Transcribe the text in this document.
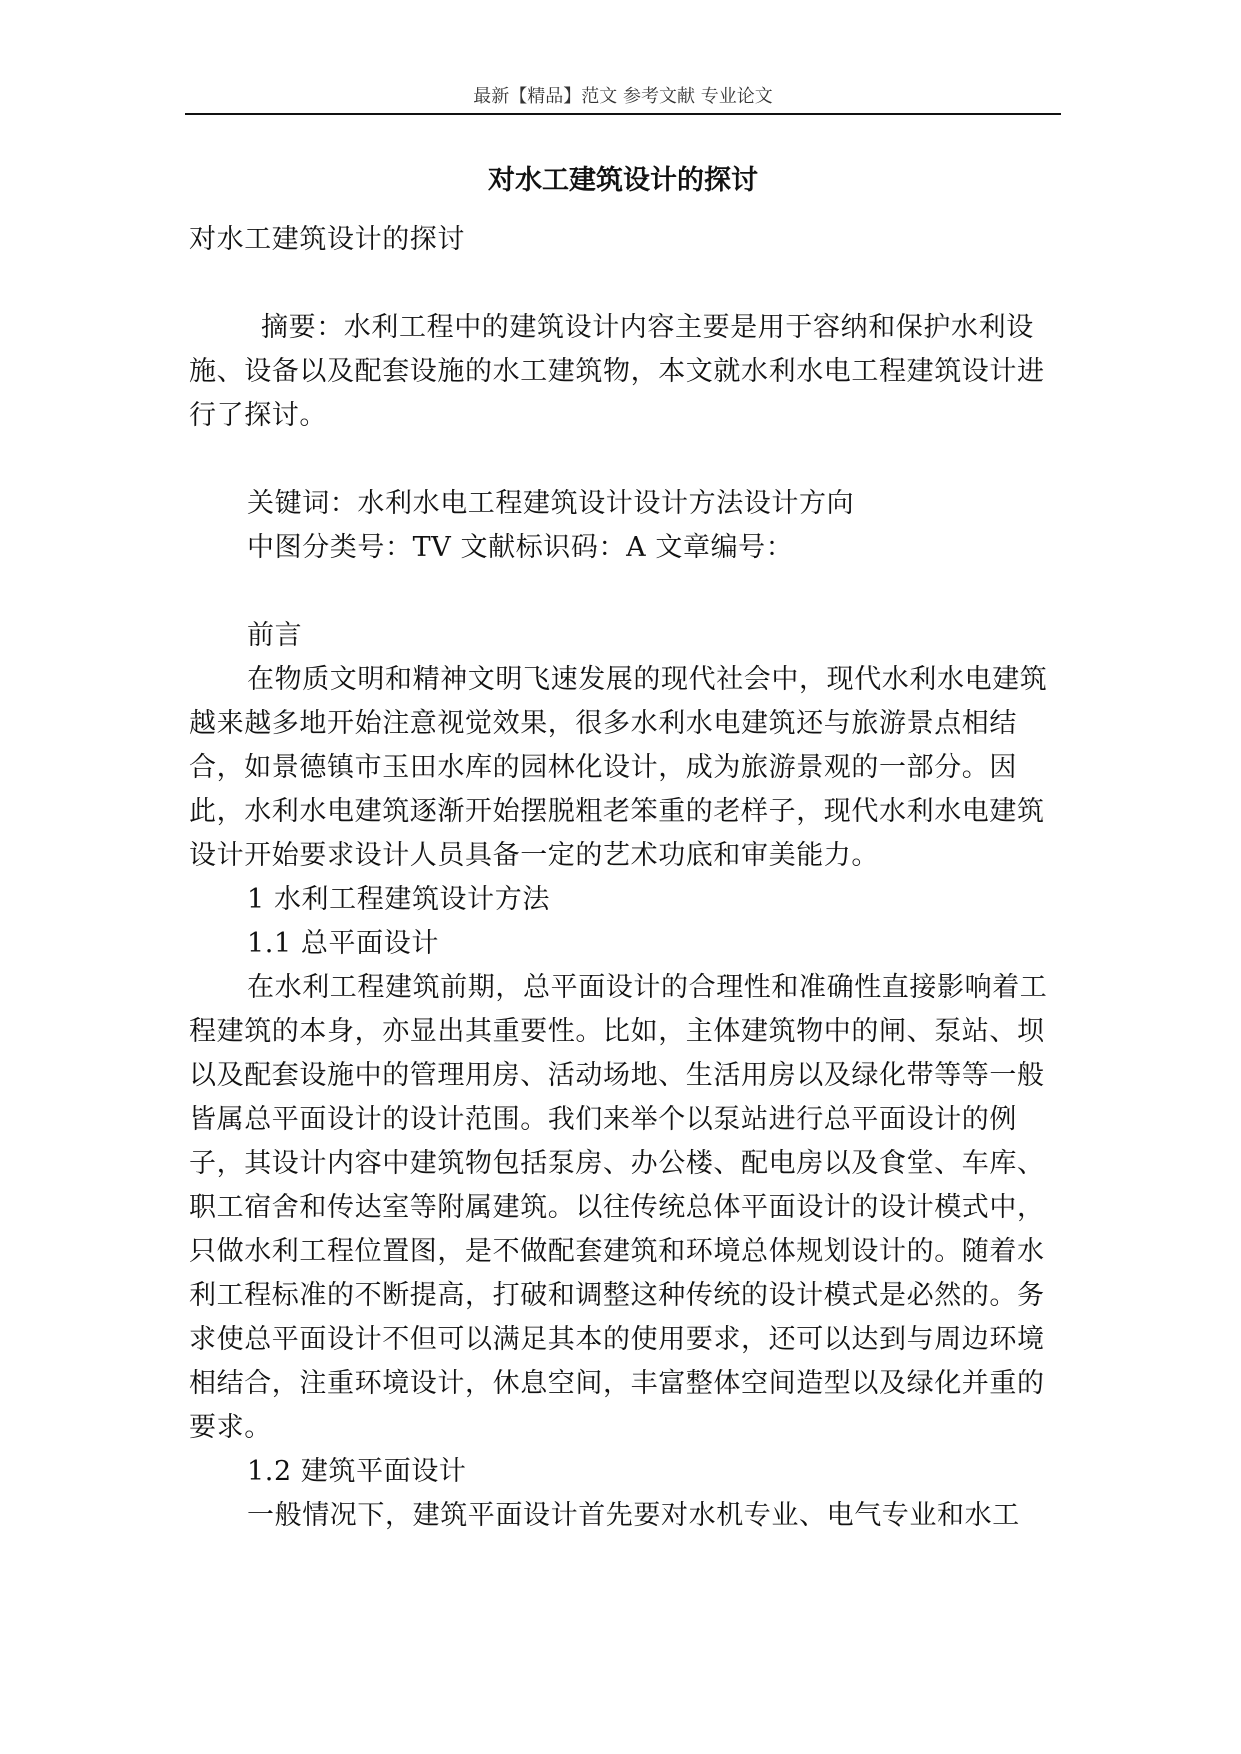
最新【精品】范文 参考文献 专业论文
对水工建筑设计的探讨

对水工建筑设计的探讨

摘要：水利工程中的建筑设计内容主要是用于容纳和保护水利设施、设备以及配套设施的水工建筑物，本文就水利水电工程建筑设计进行了探讨。

关键词：水利水电工程建筑设计设计方法设计方向

中图分类号：TV 文献标识码：A 文章编号：

前言

在物质文明和精神文明飞速发展的现代社会中，现代水利水电建筑越来越多地开始注意视觉效果，很多水利水电建筑还与旅游景点相结合，如景德镇市玉田水库的园林化设计，成为旅游景观的一部分。因此，水利水电建筑逐渐开始摆脱粗老笨重的老样子，现代水利水电建筑设计开始要求设计人员具备一定的艺术功底和审美能力。

1 水利工程建筑设计方法

1.1 总平面设计

在水利工程建筑前期，总平面设计的合理性和准确性直接影响着工程建筑的本身，亦显出其重要性。比如，主体建筑物中的闸、泵站、坝以及配套设施中的管理用房、活动场地、生活用房以及绿化带等等一般皆属总平面设计的设计范围。我们来举个以泵站进行总平面设计的例子，其设计内容中建筑物包括泵房、办公楼、配电房以及食堂、车库、职工宿舍和传达室等附属建筑。以往传统总体平面设计的设计模式中，只做水利工程位置图，是不做配套建筑和环境总体规划设计的。随着水利工程标准的不断提高，打破和调整这种传统的设计模式是必然的。务求使总平面设计不但可以满足其本的使用要求，还可以达到与周边环境相结合，注重环境设计，休息空间，丰富整体空间造型以及绿化并重的要求。

1.2 建筑平面设计

一般情况下，建筑平面设计首先要对水机专业、电气专业和水工
